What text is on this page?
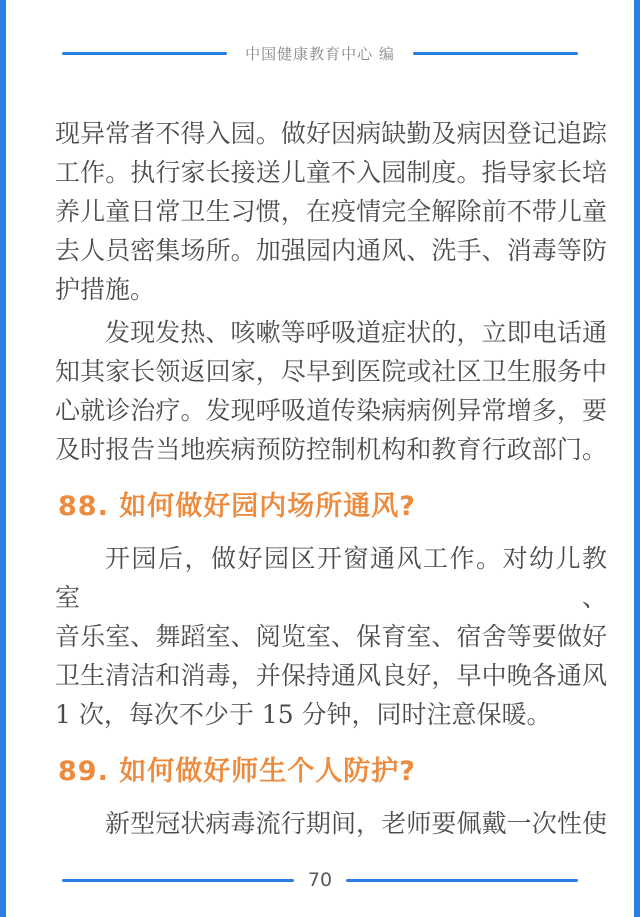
中国健康教育中心 编
现异常者不得入园。做好因病缺勤及病因登记追踪
工作。执行家长接送儿童不入园制度。指导家长培
养儿童日常卫生习惯，在疫情完全解除前不带儿童
去人员密集场所。加强园内通风、洗手、消毒等防
护措施。
发现发热、咳嗽等呼吸道症状的，立即电话通
知其家长领返回家，尽早到医院或社区卫生服务中
心就诊治疗。发现呼吸道传染病病例异常增多，要
及时报告当地疾病预防控制机构和教育行政部门。
88. 如何做好园内场所通风?
开园后，做好园区开窗通风工作。对幼儿教室、
音乐室、舞蹈室、阅览室、保育室、宿舍等要做好
卫生清洁和消毒，并保持通风良好，早中晚各通风
1 次，每次不少于 15 分钟，同时注意保暖。
89. 如何做好师生个人防护?
新型冠状病毒流行期间，老师要佩戴一次性使
70
